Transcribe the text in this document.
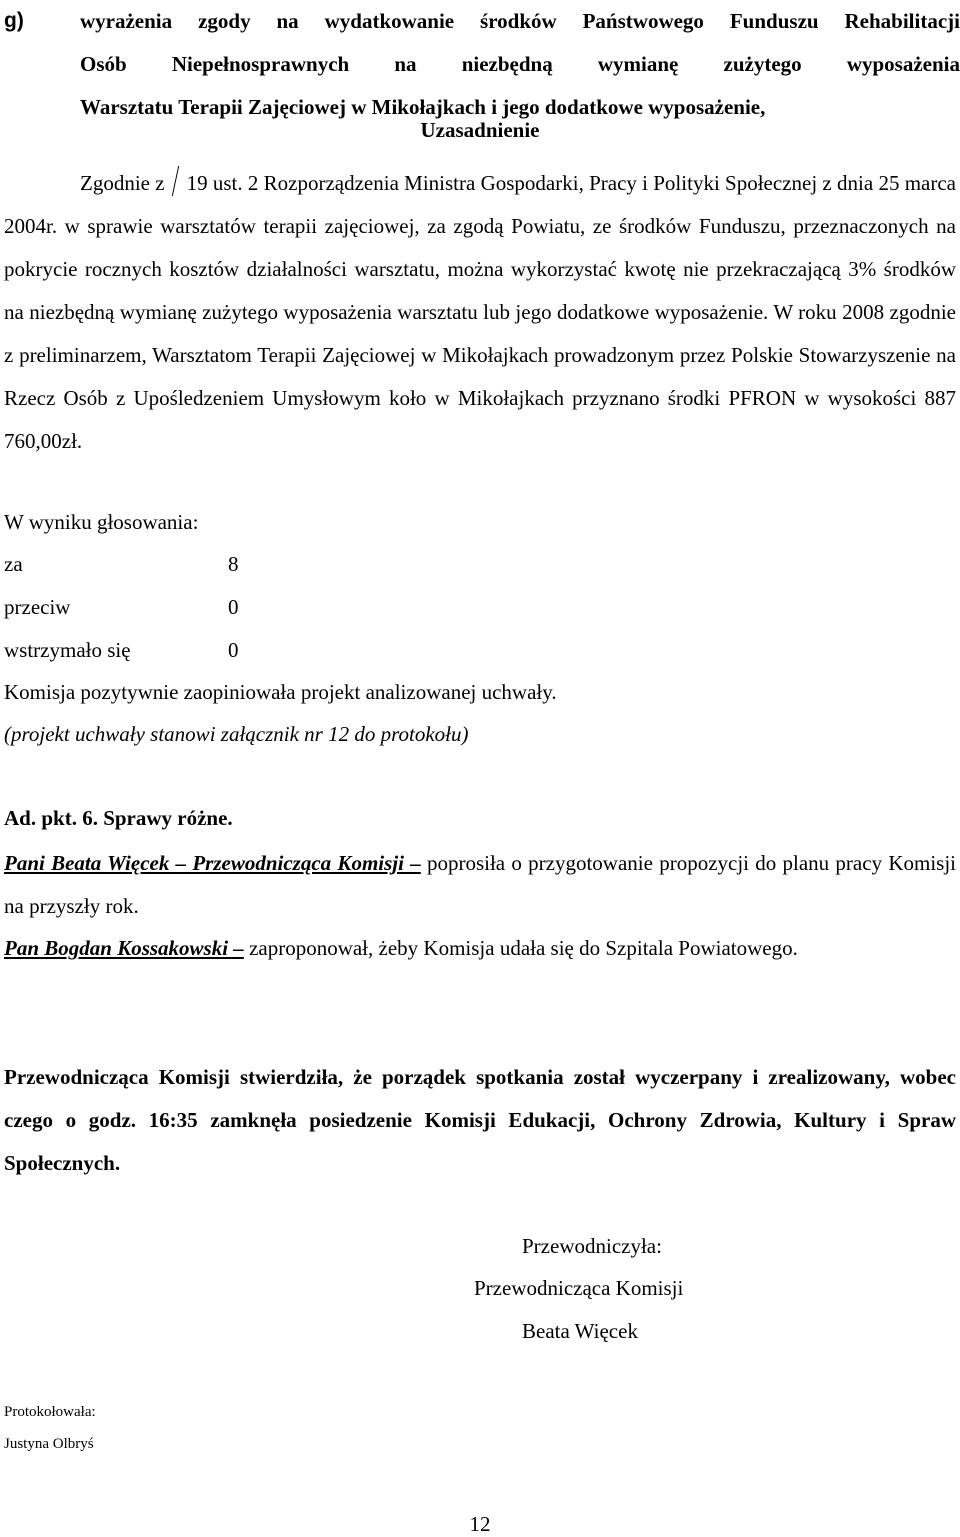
g)	wyrażenia zgody na wydatkowanie środków Państwowego Funduszu Rehabilitacji
Osób Niepełnosprawnych na niezbędną wymianę zużytego wyposażenia
Warsztatu Terapii Zajęciowej w Mikołajkach i jego dodatkowe wyposażenie,
Uzasadnienie
Zgodnie z 19 ust. 2 Rozporządzenia Ministra Gospodarki, Pracy i Polityki Społecznej z dnia 25 marca 2004r. w sprawie warsztatów terapii zajęciowej, za zgodą Powiatu, ze środków Funduszu, przeznaczonych na pokrycie rocznych kosztów działalności warsztatu, można wykorzystać kwotę nie przekraczającą 3% środków na niezbędną wymianę zużytego wyposażenia warsztatu lub jego dodatkowe wyposażenie. W roku 2008 zgodnie z preliminarzem, Warsztatom Terapii Zajęciowej w Mikołajkach prowadzonym przez Polskie Stowarzyszenie na Rzecz Osób z Upośledzeniem Umysłowym koło w Mikołajkach przyznano środki PFRON w wysokości 887 760,00zł.
W wyniku głosowania:
za	8
przeciw	0
wstrzymało się	0
Komisja pozytywnie zaopiniowała projekt analizowanej uchwały.
(projekt uchwały stanowi załącznik nr 12 do protokołu)
Ad. pkt. 6. Sprawy różne.
Pani Beata Więcek – Przewodnicząca Komisji – poprosiła o przygotowanie propozycji do planu pracy Komisji na przyszły rok.
Pan Bogdan Kossakowski – zaproponował, żeby Komisja udała się do Szpitala Powiatowego.
Przewodnicząca Komisji stwierdziła, że porządek spotkania został wyczerpany i zrealizowany, wobec czego o godz. 16:35 zamknęła posiedzenie Komisji Edukacji, Ochrony Zdrowia, Kultury i Spraw Społecznych.
Przewodniczyła:
Przewodnicząca Komisji
Beata Więcek
Protokołowała:
Justyna Olbryś
12
